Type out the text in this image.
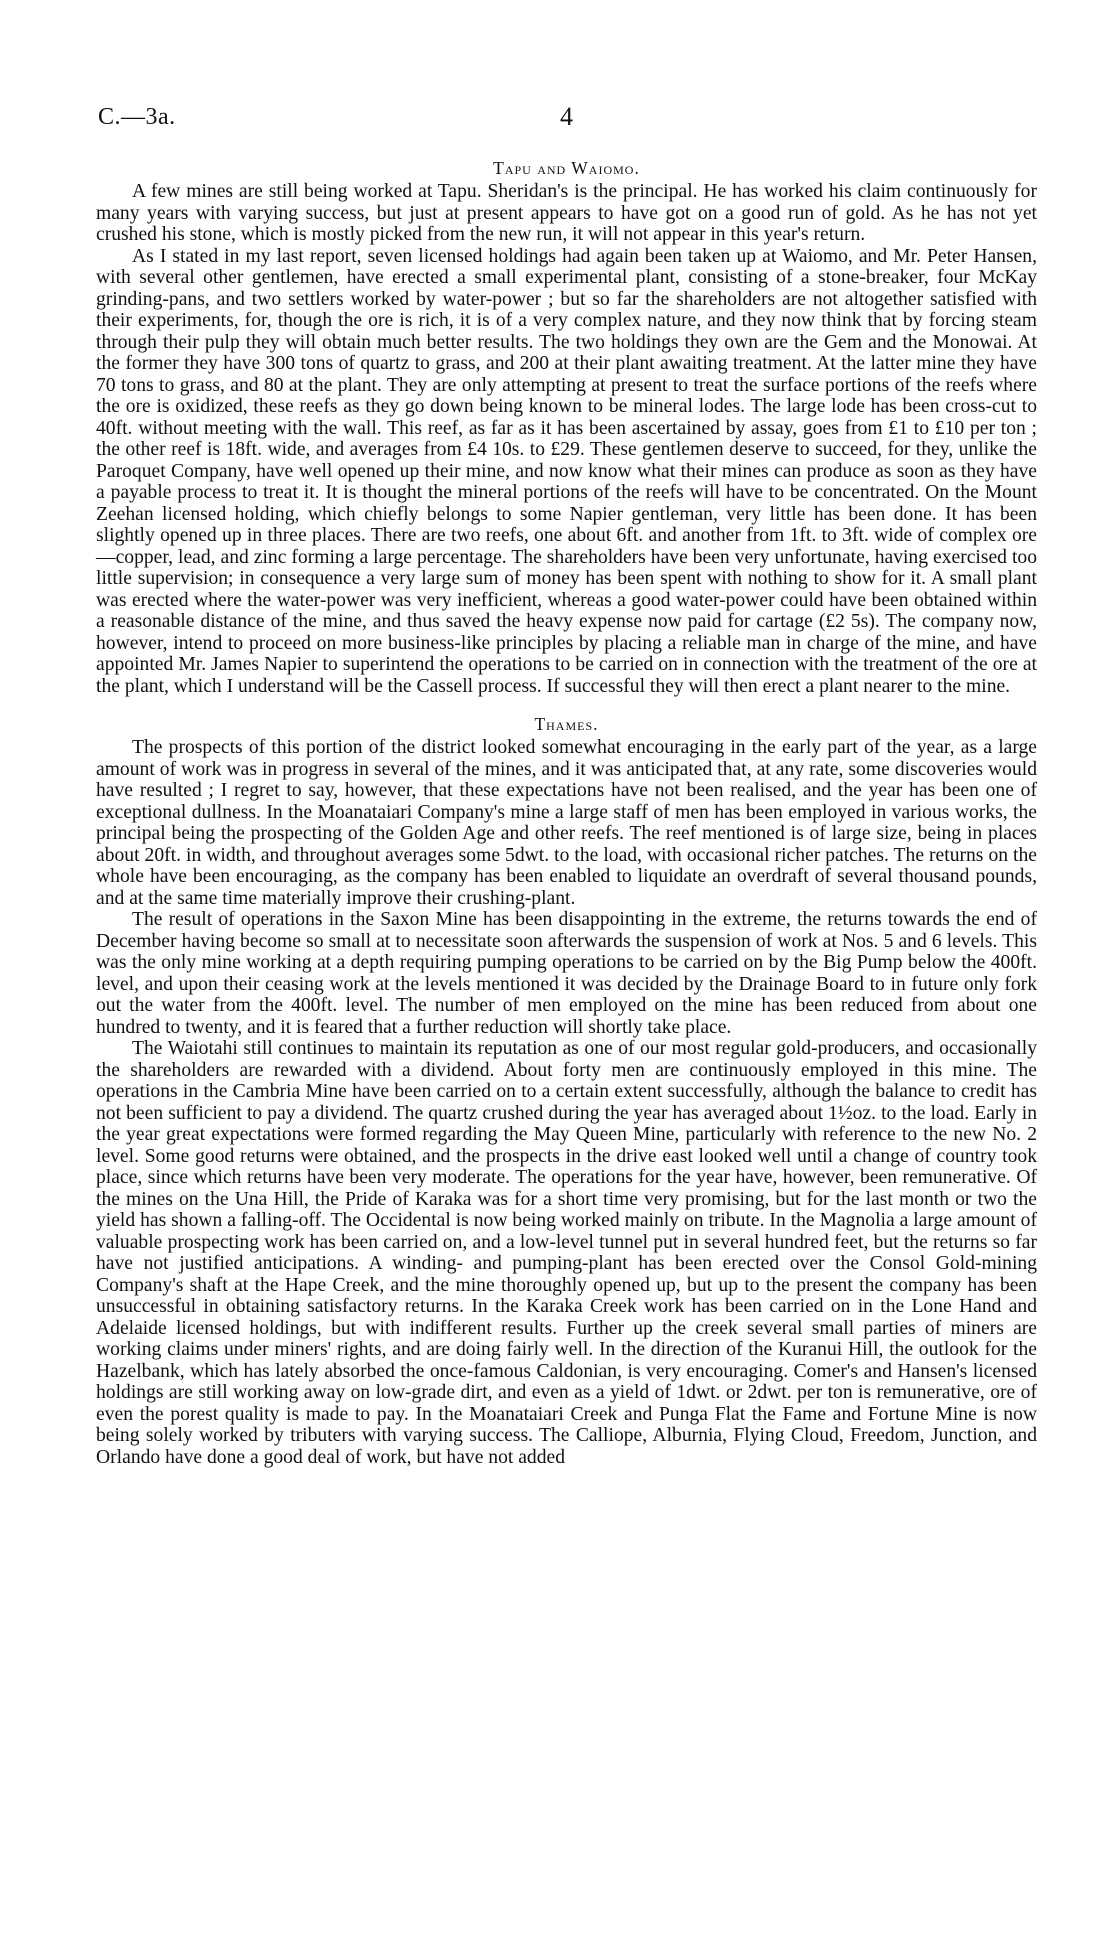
C.—3a.	4

Tapu and Waiomo.

A few mines are still being worked at Tapu. Sheridan's is the principal. He has worked his claim continuously for many years with varying success, but just at present appears to have got on a good run of gold. As he has not yet crushed his stone, which is mostly picked from the new run, it will not appear in this year's return.

As I stated in my last report, seven licensed holdings had again been taken up at Waiomo, and Mr. Peter Hansen, with several other gentlemen, have erected a small experimental plant, consisting of a stone-breaker, four McKay grinding-pans, and two settlers worked by water-power ; but so far the shareholders are not altogether satisfied with their experiments, for, though the ore is rich, it is of a very complex nature, and they now think that by forcing steam through their pulp they will obtain much better results. The two holdings they own are the Gem and the Monowai. At the former they have 300 tons of quartz to grass, and 200 at their plant awaiting treatment. At the latter mine they have 70 tons to grass, and 80 at the plant. They are only attempting at present to treat the surface portions of the reefs where the ore is oxidized, these reefs as they go down being known to be mineral lodes. The large lode has been cross-cut to 40ft. without meeting with the wall. This reef, as far as it has been ascertained by assay, goes from £1 to £10 per ton ; the other reef is 18ft. wide, and averages from £4 10s. to £29. These gentlemen deserve to succeed, for they, unlike the Paroquet Company, have well opened up their mine, and now know what their mines can produce as soon as they have a payable process to treat it. It is thought the mineral portions of the reefs will have to be concentrated. On the Mount Zeehan licensed holding, which chiefly belongs to some Napier gentleman, very little has been done. It has been slightly opened up in three places. There are two reefs, one about 6ft. and another from 1ft. to 3ft. wide of complex ore—copper, lead, and zinc forming a large percentage. The shareholders have been very unfortunate, having exercised too little supervision; in consequence a very large sum of money has been spent with nothing to show for it. A small plant was erected where the water-power was very inefficient, whereas a good water-power could have been obtained within a reasonable distance of the mine, and thus saved the heavy expense now paid for cartage (£2 5s). The company now, however, intend to proceed on more business-like principles by placing a reliable man in charge of the mine, and have appointed Mr. James Napier to superintend the operations to be carried on in connection with the treatment of the ore at the plant, which I understand will be the Cassell process. If successful they will then erect a plant nearer to the mine.

Thames.

The prospects of this portion of the district looked somewhat encouraging in the early part of the year, as a large amount of work was in progress in several of the mines, and it was anticipated that, at any rate, some discoveries would have resulted ; I regret to say, however, that these expectations have not been realised, and the year has been one of exceptional dullness. In the Moanataiari Company's mine a large staff of men has been employed in various works, the principal being the prospecting of the Golden Age and other reefs. The reef mentioned is of large size, being in places about 20ft. in width, and throughout averages some 5dwt. to the load, with occasional richer patches. The returns on the whole have been encouraging, as the company has been enabled to liquidate an overdraft of several thousand pounds, and at the same time materially improve their crushing-plant.

The result of operations in the Saxon Mine has been disappointing in the extreme, the returns towards the end of December having become so small at to necessitate soon afterwards the suspension of work at Nos. 5 and 6 levels. This was the only mine working at a depth requiring pumping operations to be carried on by the Big Pump below the 400ft. level, and upon their ceasing work at the levels mentioned it was decided by the Drainage Board to in future only fork out the water from the 400ft. level. The number of men employed on the mine has been reduced from about one hundred to twenty, and it is feared that a further reduction will shortly take place.

The Waiotahi still continues to maintain its reputation as one of our most regular gold-producers, and occasionally the shareholders are rewarded with a dividend. About forty men are continuously employed in this mine. The operations in the Cambria Mine have been carried on to a certain extent successfully, although the balance to credit has not been sufficient to pay a dividend. The quartz crushed during the year has averaged about 1½oz. to the load. Early in the year great expectations were formed regarding the May Queen Mine, particularly with reference to the new No. 2 level. Some good returns were obtained, and the prospects in the drive east looked well until a change of country took place, since which returns have been very moderate. The operations for the year have, however, been remunerative. Of the mines on the Una Hill, the Pride of Karaka was for a short time very promising, but for the last month or two the yield has shown a falling-off. The Occidental is now being worked mainly on tribute. In the Magnolia a large amount of valuable prospecting work has been carried on, and a low-level tunnel put in several hundred feet, but the returns so far have not justified anticipations. A winding- and pumping-plant has been erected over the Consol Gold-mining Company's shaft at the Hape Creek, and the mine thoroughly opened up, but up to the present the company has been unsuccessful in obtaining satisfactory returns. In the Karaka Creek work has been carried on in the Lone Hand and Adelaide licensed holdings, but with indifferent results. Further up the creek several small parties of miners are working claims under miners' rights, and are doing fairly well. In the direction of the Kuranui Hill, the outlook for the Hazelbank, which has lately absorbed the once-famous Caldonian, is very encouraging. Comer's and Hansen's licensed holdings are still working away on low-grade dirt, and even as a yield of 1dwt. or 2dwt. per ton is remunerative, ore of even the porest quality is made to pay. In the Moanataiari Creek and Punga Flat the Fame and Fortune Mine is now being solely worked by tributers with varying success. The Calliope, Alburnia, Flying Cloud, Freedom, Junction, and Orlando have done a good deal of work, but have not added
